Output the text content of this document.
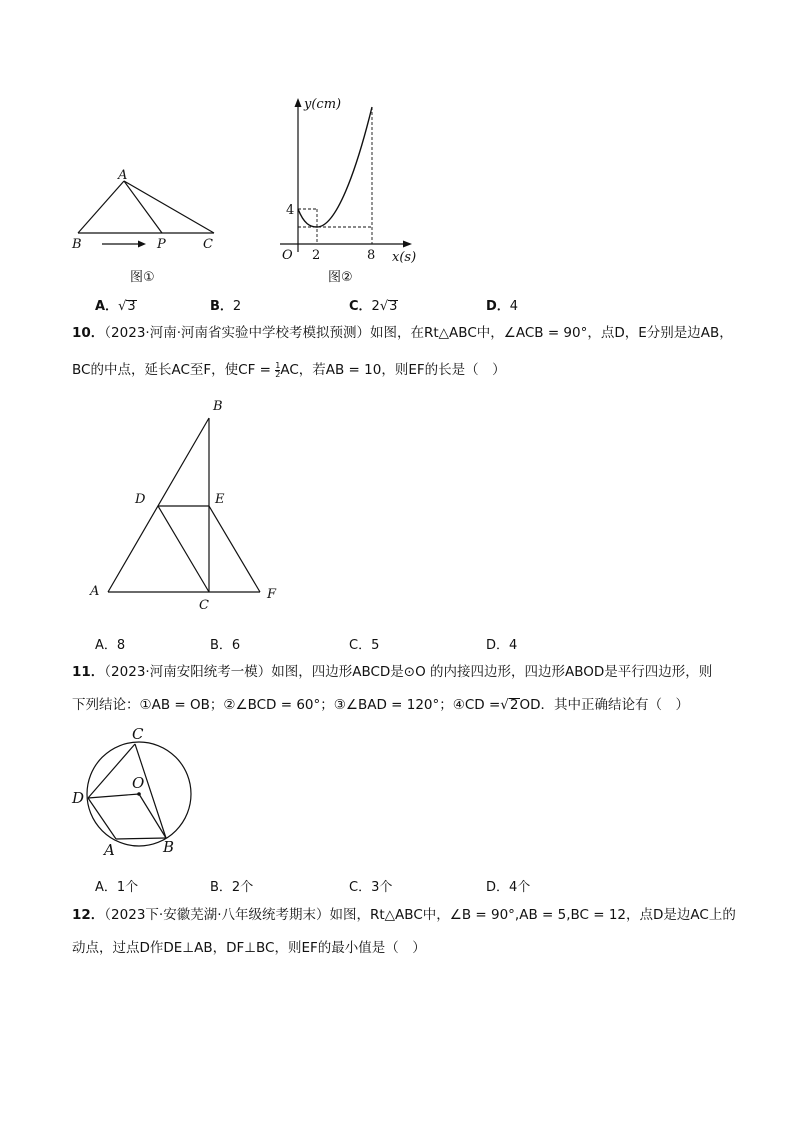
A
B	P	C
图①
y(cm)
4
O 2	8 x(s)
图②
A．√3	B．2	C．2√3	D．4
10．（2023·河南·河南省实验中学校考模拟预测）如图，在Rt△ABC中，∠ACB = 90°，点D，E分别是边AB，
BC的中点，延长AC至F，使CF = $\frac{1}{2}$ AC，若AB = 10，则EF的长是（　）
B
D	E
A
C
F
A．8	B．6	C．5	D．4
11．（2023·河南安阳统考一模）如图，四边形ABCD是⊙O 的内接四边形，四边形ABOD是平行四边形，则
下列结论：①AB = OB；②∠BCD = 60°；③∠BAD = 120°；④CD =√2OD．其中正确结论有（　）
C
O
D
A	B
A．1个	B．2个	C．3个	D．4个
12．（2023下·安徽芜湖·八年级统考期末）如图，Rt△ABC中，∠B = 90°,AB = 5,BC = 12，点D是边AC上的
动点，过点D作DE⊥AB，DF⊥BC，则EF的最小值是（　）
